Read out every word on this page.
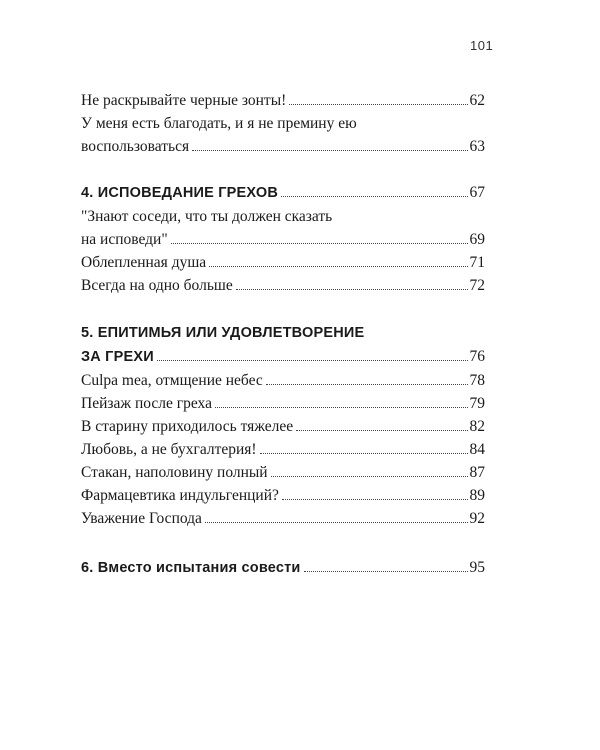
101
Не раскрывайте черные зонты!	62
У меня есть благодать, и я не премину ею
воспользоваться	63
4. ИСПОВЕДАНИЕ ГРЕХОВ	67
"Знают соседи, что ты должен сказать
на исповеди"	69
Облепленная душа	71
Всегда на одно больше	72
5. ЕПИТИМЬЯ ИЛИ УДОВЛЕТВОРЕНИЕ
ЗА ГРЕХИ	76
Culpa mea, отмщение небес	78
Пейзаж после греха	79
В старину приходилось тяжелее	82
Любовь, а не бухгалтерия!	84
Стакан, наполовину полный	87
Фармацевтика индульгенций?	89
Уважение Господа	92
6. Вместо испытания совести	95
